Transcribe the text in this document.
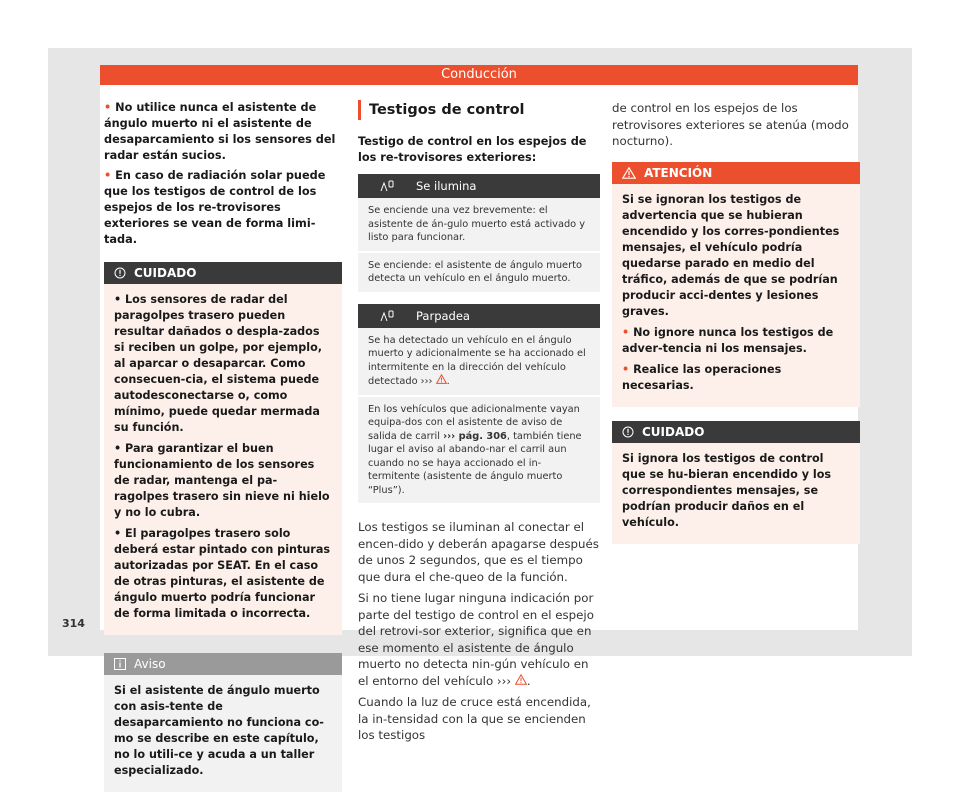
Conducción

• No utilice nunca el asistente de ángulo muerto ni el asistente de desaparcamiento si los sensores del radar están sucios.

• En caso de radiación solar puede que los testigos de control de los espejos de los re-trovisores exteriores se vean de forma limi-tada.

CUIDADO

• Los sensores de radar del paragolpes trasero pueden resultar dañados o despla-zados si reciben un golpe, por ejemplo, al aparcar o desaparcar. Como consecuen-cia, el sistema puede autodesconectarse o, como mínimo, puede quedar mermada su función.

• Para garantizar el buen funcionamiento de los sensores de radar, mantenga el pa-ragolpes trasero sin nieve ni hielo y no lo cubra.

• El paragolpes trasero solo deberá estar pintado con pinturas autorizadas por SEAT. En el caso de otras pinturas, el asistente de ángulo muerto podría funcionar de forma limitada o incorrecta.

Aviso

Si el asistente de ángulo muerto con asis-tente de desaparcamiento no funciona co-mo se describe en este capítulo, no lo utili-ce y acuda a un taller especializado.

Testigos de control
Testigo de control en los espejos de los re-trovisores exteriores:
Se ilumina
Se enciende una vez brevemente: el asistente de án-gulo muerto está activado y listo para funcionar.
Se enciende: el asistente de ángulo muerto detecta un vehículo en el ángulo muerto.
Parpadea
Se ha detectado un vehículo en el ángulo muerto y adicionalmente se ha accionado el intermitente en la dirección del vehículo detectado ››› .
En los vehículos que adicionalmente vayan equipa-dos con el asistente de aviso de salida de carril ››› pág. 306, también tiene lugar el aviso al abando-nar el carril aun cuando no se haya accionado el in-termitente (asistente de ángulo muerto “Plus”).

Los testigos se iluminan al conectar el encen-dido y deberán apagarse después de unos 2 segundos, que es el tiempo que dura el che-queo de la función.

Si no tiene lugar ninguna indicación por parte del testigo de control en el espejo del retrovi-sor exterior, significa que en ese momento el asistente de ángulo muerto no detecta nin-gún vehículo en el entorno del vehículo ››› .

Cuando la luz de cruce está encendida, la in-tensidad con la que se encienden los testigos

de control en los espejos de los retrovisores exteriores se atenúa (modo nocturno).

ATENCIÓN

Si se ignoran los testigos de advertencia que se hubieran encendido y los corres-pondientes mensajes, el vehículo podría quedarse parado en medio del tráfico, además de que se podrían producir acci-dentes y lesiones graves.

• No ignore nunca los testigos de adver-tencia ni los mensajes.

• Realice las operaciones necesarias.

CUIDADO

Si ignora los testigos de control que se hu-bieran encendido y los correspondientes mensajes, se podrían producir daños en el vehículo.

314
